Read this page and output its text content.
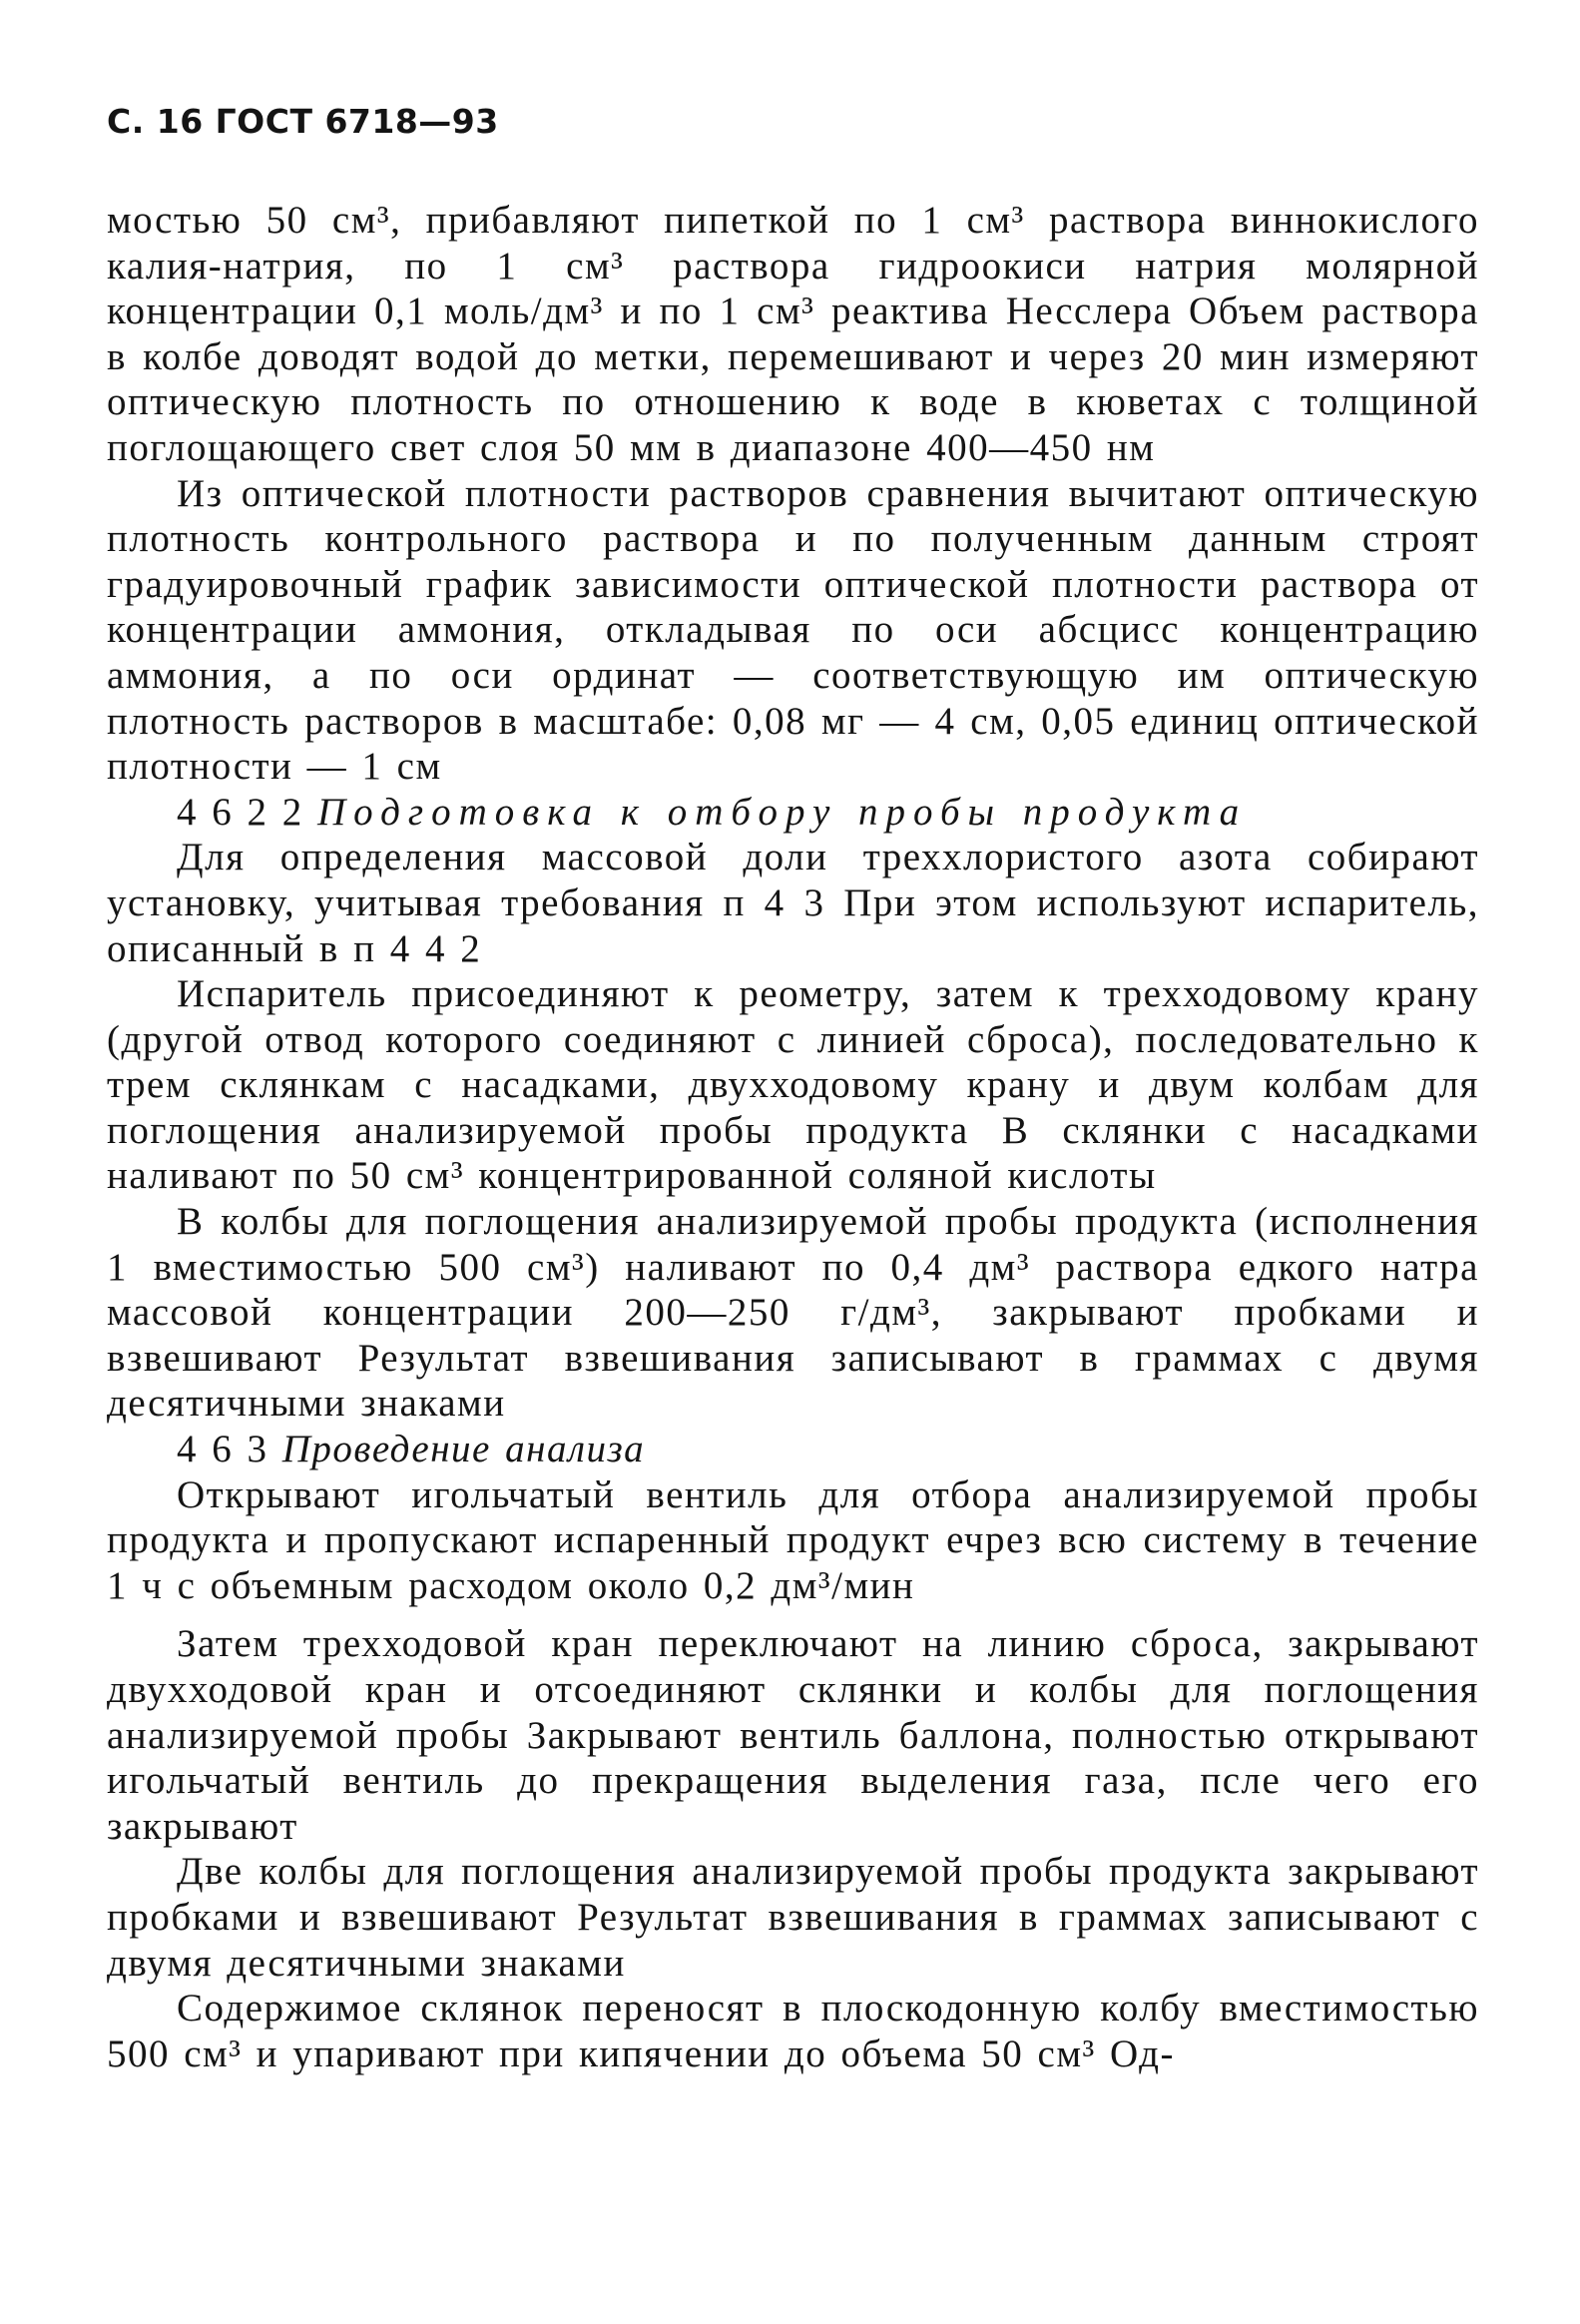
С. 16 ГОСТ 6718—93

мостью 50 см³, прибавляют пипеткой по 1 см³ раствора виннокислого калия-натрия, по 1 см³ раствора гидроокиси натрия молярной концентрации 0,1 моль/дм³ и по 1 см³ реактива Несслера Объем раствора в колбе доводят водой до метки, перемешивают и через 20 мин измеряют оптическую плотность по отношению к воде в кюветах с толщиной поглощающего свет слоя 50 мм в диапазоне 400—450 нм

Из оптической плотности растворов сравнения вычитают оптическую плотность контрольного раствора и по полученным данным строят градуировочный график зависимости оптической плотности раствора от концентрации аммония, откладывая по оси абсцисс концентрацию аммония, а по оси ординат — соответствующую им оптическую плотность растворов в масштабе: 0,08 мг — 4 см, 0,05 единиц оптической плотности — 1 см

4 6 2 2 Подготовка к отбору пробы продукта

Для определения массовой доли треххлористого азота собирают установку, учитывая требования п 4 3 При этом используют испаритель, описанный в п 4 4 2

Испаритель присоединяют к реометру, затем к трехходовому крану (другой отвод которого соединяют с линией сброса), последовательно к трем склянкам с насадками, двухходовому крану и двум колбам для поглощения анализируемой пробы продукта В склянки с насадками наливают по 50 см³ концентрированной соляной кислоты

В колбы для поглощения анализируемой пробы продукта (исполнения 1 вместимостью 500 см³) наливают по 0,4 дм³ раствора едкого натра массовой концентрации 200—250 г/дм³, закрывают пробками и взвешивают Результат взвешивания записывают в граммах с двумя десятичными знаками

4 6 3 Проведение анализа

Открывают игольчатый вентиль для отбора анализируемой пробы продукта и пропускают испаренный продукт ечрез всю систему в течение 1 ч с объемным расходом около 0,2 дм³/мин

Затем трехходовой кран переключают на линию сброса, закрывают двухходовой кран и отсоединяют склянки и колбы для поглощения анализируемой пробы Закрывают вентиль баллона, полностью открывают игольчатый вентиль до прекращения выделения газа, псле чего его закрывают

Две колбы для поглощения анализируемой пробы продукта закрывают пробками и взвешивают Результат взвешивания в граммах записывают с двумя десятичными знаками

Содержимое склянок переносят в плоскодонную колбу вместимостью 500 см³ и упаривают при кипячении до объема 50 см³ Од-
